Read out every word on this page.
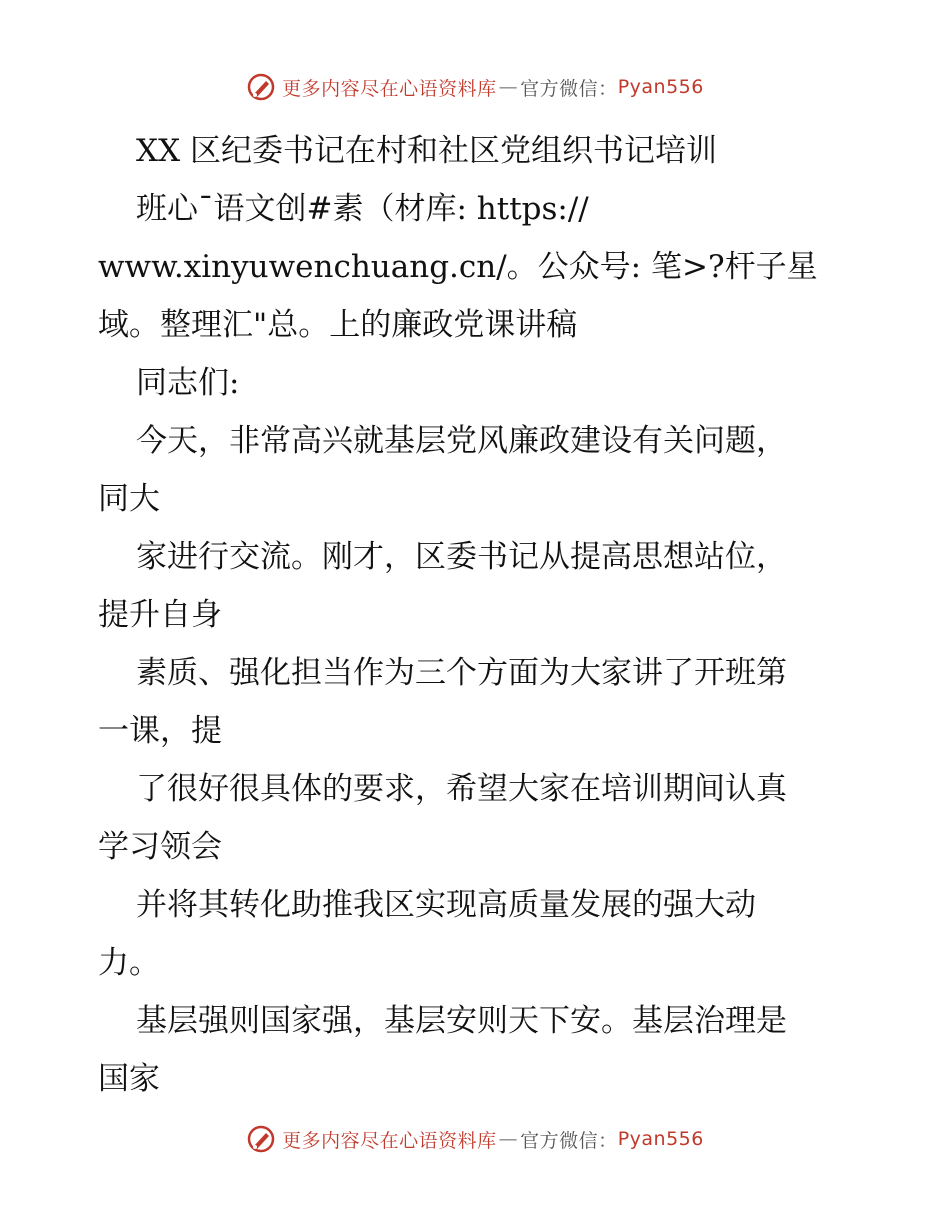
更多内容尽在心语资料库 — 官方微信： Pyan556
XX 区纪委书记在村和社区党组织书记培训
班心¯语文创#素（材库: https://
www.xinyuwenchuang.cn/。公众号: 笔>?杆子星
域。整理汇"总。上的廉政党课讲稿
同志们:
今天，非常高兴就基层党风廉政建设有关问题，
同大
家进行交流。刚才，区委书记从提高思想站位，
提升自身
素质、强化担当作为三个方面为大家讲了开班第
一课，提
了很好很具体的要求，希望大家在培训期间认真
学习领会
并将其转化助推我区实现高质量发展的强大动
力。
基层强则国家强，基层安则天下安。基层治理是
国家
更多内容尽在心语资料库 — 官方微信： Pyan556
